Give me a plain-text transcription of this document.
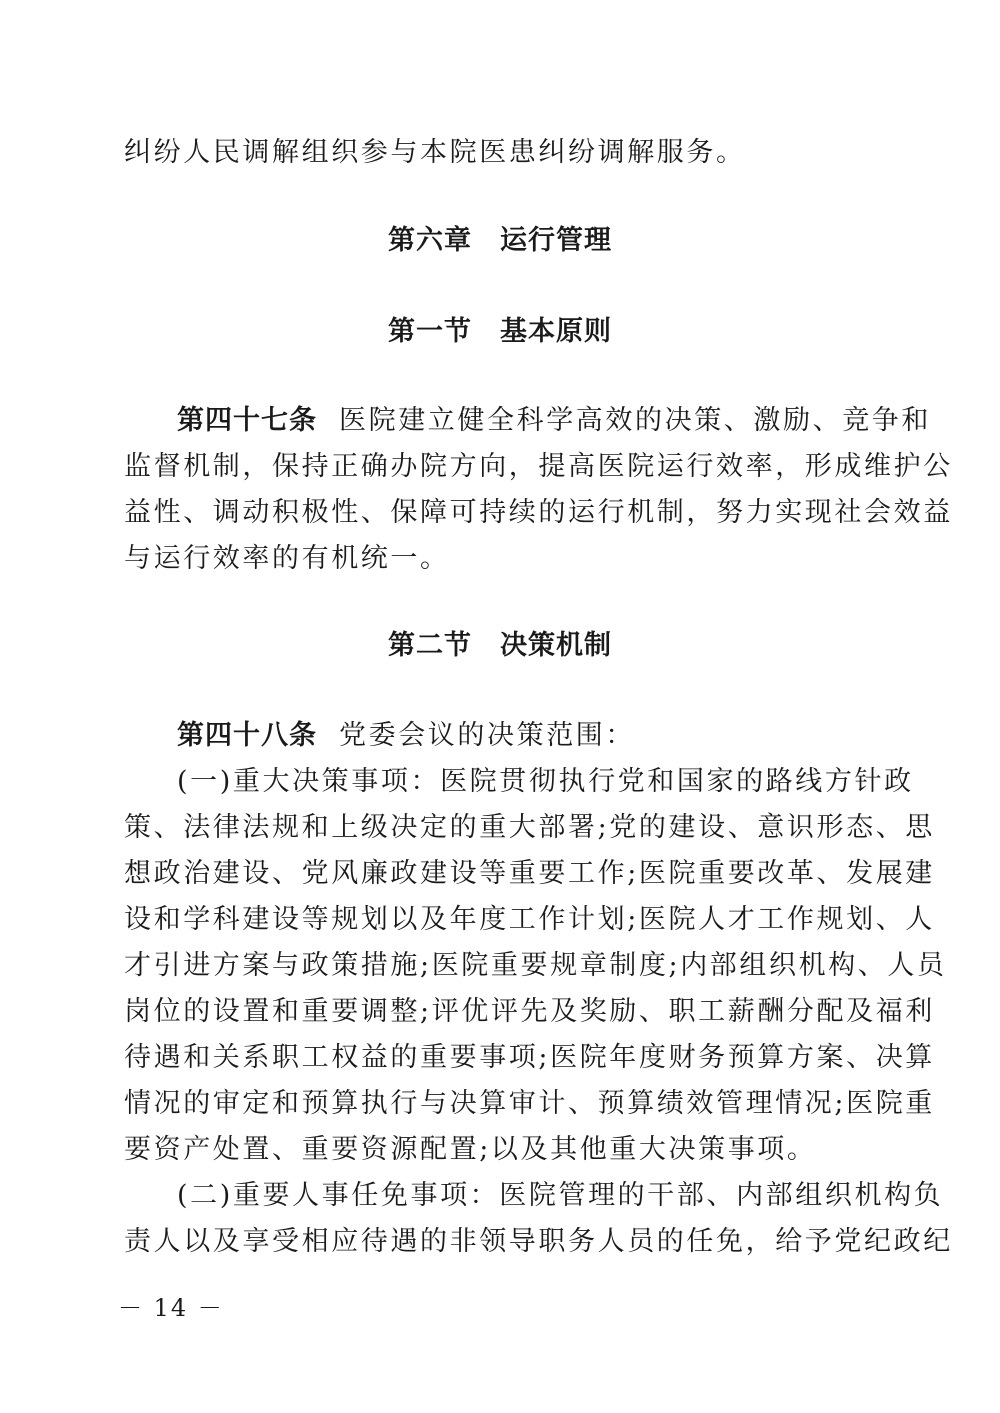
纠纷人民调解组织参与本院医患纠纷调解服务。
第六章　运行管理
第一节　基本原则
第四十七条 医院建立健全科学高效的决策、激励、竞争和
监督机制，保持正确办院方向，提高医院运行效率，形成维护公
益性、调动积极性、保障可持续的运行机制，努力实现社会效益
与运行效率的有机统一。
第二节　决策机制
第四十八条 党委会议的决策范围：
(一)重大决策事项：医院贯彻执行党和国家的路线方针政
策、法律法规和上级决定的重大部署;党的建设、意识形态、思
想政治建设、党风廉政建设等重要工作;医院重要改革、发展建
设和学科建设等规划以及年度工作计划;医院人才工作规划、人
才引进方案与政策措施;医院重要规章制度;内部组织机构、人员
岗位的设置和重要调整;评优评先及奖励、职工薪酬分配及福利
待遇和关系职工权益的重要事项;医院年度财务预算方案、决算
情况的审定和预算执行与决算审计、预算绩效管理情况;医院重
要资产处置、重要资源配置;以及其他重大决策事项。
(二)重要人事任免事项：医院管理的干部、内部组织机构负
责人以及享受相应待遇的非领导职务人员的任免，给予党纪政纪
－ 14 －
